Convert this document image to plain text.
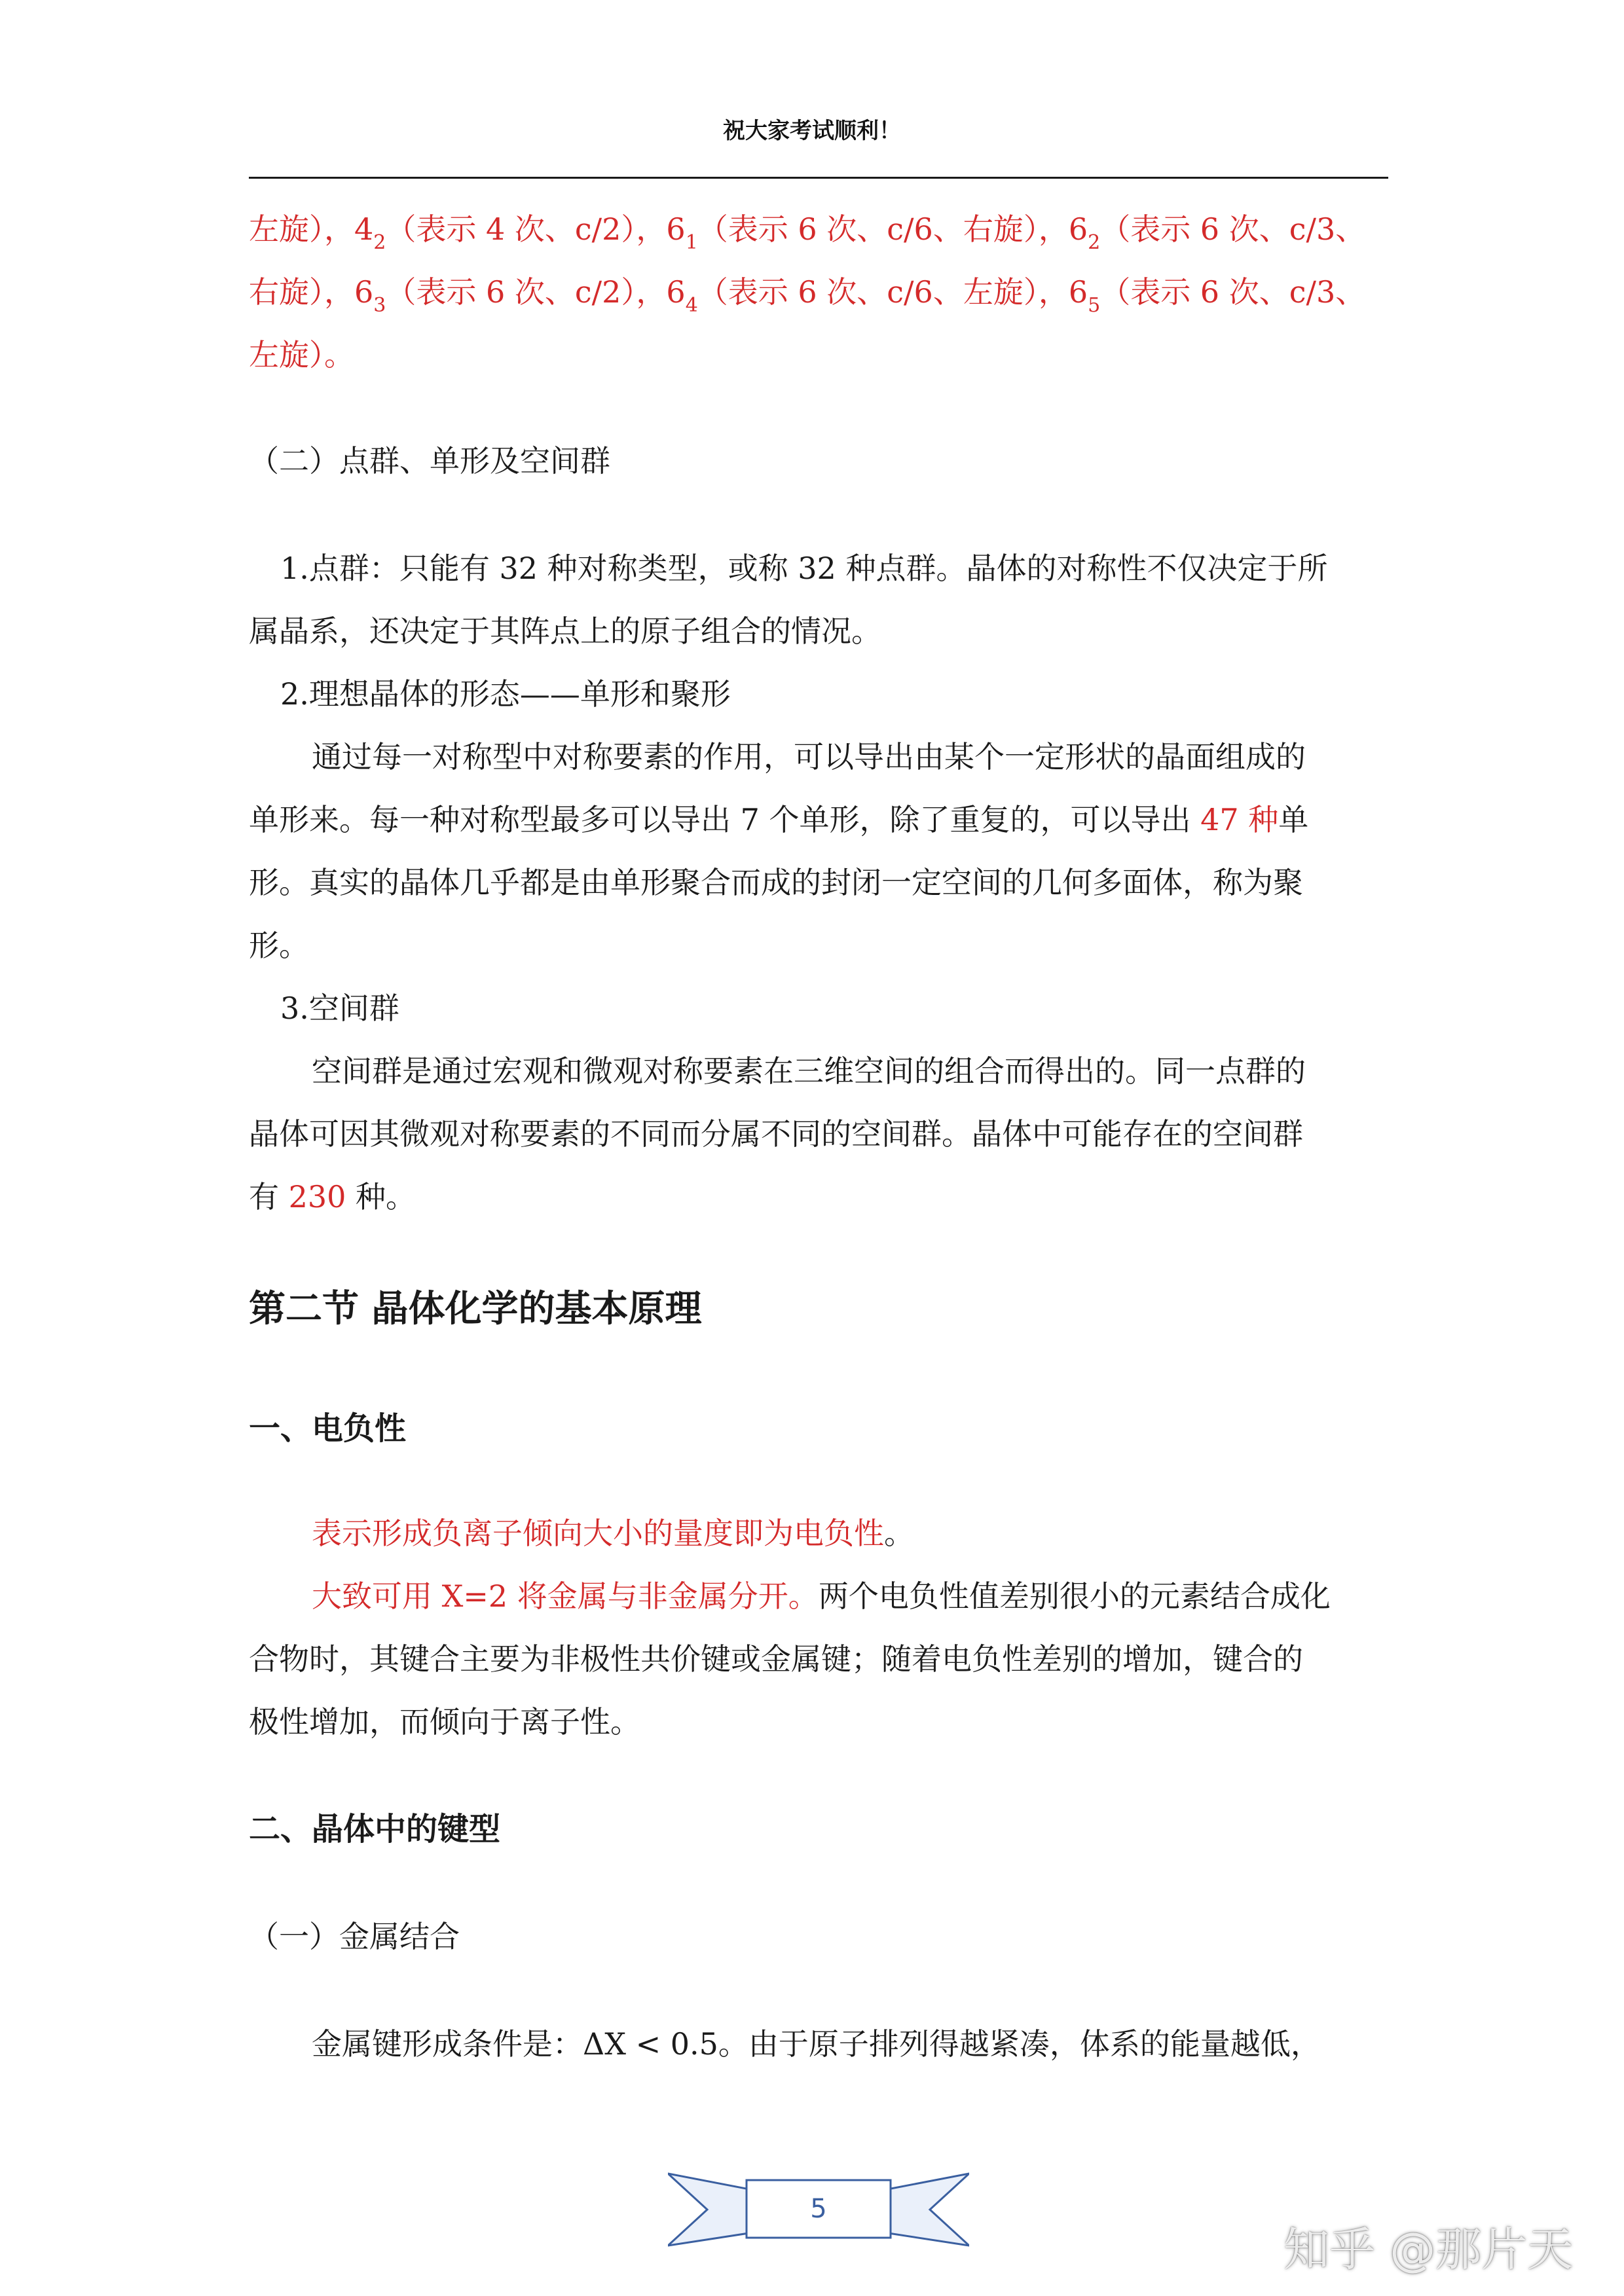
祝大家考试顺利！
左旋），$4_2$（表示 4 次、c/2），$6_1$（表示 6 次、c/6、右旋），$6_2$（表示 6 次、c/3、
右旋），$6_3$（表示 6 次、c/2），$6_4$（表示 6 次、c/6、左旋），$6_5$（表示 6 次、c/3、
左旋）。
（二）点群、单形及空间群
1.点群：只能有 32 种对称类型，或称 32 种点群。晶体的对称性不仅决定于所
属晶系，还决定于其阵点上的原子组合的情况。
2.理想晶体的形态——单形和聚形
通过每一对称型中对称要素的作用，可以导出由某个一定形状的晶面组成的
单形来。每一种对称型最多可以导出 7 个单形，除了重复的，可以导出 47 种单
形。真实的晶体几乎都是由单形聚合而成的封闭一定空间的几何多面体，称为聚
形。
3.空间群
空间群是通过宏观和微观对称要素在三维空间的组合而得出的。同一点群的
晶体可因其微观对称要素的不同而分属不同的空间群。晶体中可能存在的空间群
有 230 种。
第二节 晶体化学的基本原理
一、电负性
表示形成负离子倾向大小的量度即为电负性。
大致可用 X=2 将金属与非金属分开。两个电负性值差别很小的元素结合成化
合物时，其键合主要为非极性共价键或金属键；随着电负性差别的增加，键合的
极性增加，而倾向于离子性。
二、晶体中的键型
（一）金属结合
金属键形成条件是：ΔX < 0.5。由于原子排列得越紧凑，体系的能量越低，
5
知乎 @那片天
